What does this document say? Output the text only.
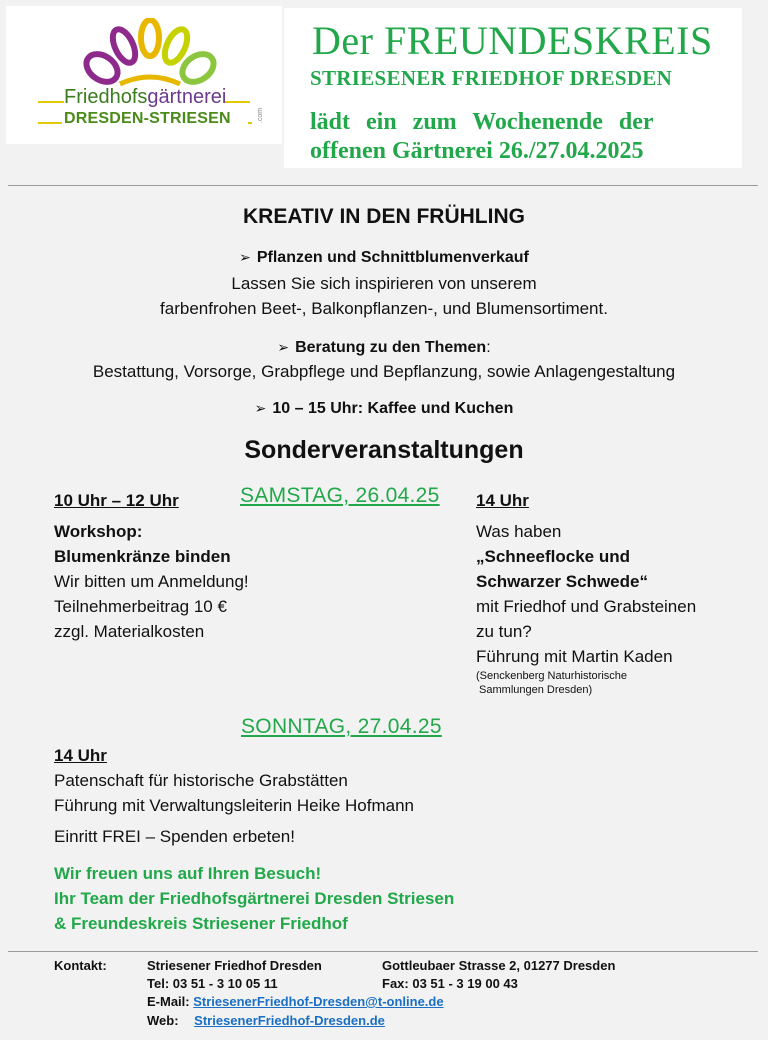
Friedhofsgärtnerei
DRESDEN-STRIESEN	.com
Der FREUNDESKREIS
STRIESENER FRIEDHOF DRESDEN
lädt ein zum Wochenende der
offenen Gärtnerei 26./27.04.2025
KREATIV IN DEN FRÜHLING
➢ Pflanzen und Schnittblumenverkauf
Lassen Sie sich inspirieren von unserem
farbenfrohen Beet-, Balkonpflanzen-, und Blumensortiment.
➢ Beratung zu den Themen:
Bestattung, Vorsorge, Grabpflege und Bepflanzung, sowie Anlagengestaltung
➢ 10 – 15 Uhr: Kaffee und Kuchen
Sonderveranstaltungen
10 Uhr – 12 Uhr	SAMSTAG, 26.04.25 14 Uhr
Workshop:
Blumenkränze binden
Wir bitten um Anmeldung!
Teilnehmerbeitrag 10 €
zzgl. Materialkosten
Was haben
„Schneeflocke und
Schwarzer Schwede“
mit Friedhof und Grabsteinen
zu tun?
Führung mit Martin Kaden
(Senckenberg Naturhistorische
Sammlungen Dresden)
SONNTAG, 27.04.25
14 Uhr
Patenschaft für historische Grabstätten
Führung mit Verwaltungsleiterin Heike Hofmann
Einritt FREI – Spenden erbeten!
Wir freuen uns auf Ihren Besuch!
Ihr Team der Friedhofsgärtnerei Dresden Striesen
& Freundeskreis Striesener Friedhof
Kontakt:	Striesener Friedhof Dresden	Gottleubaer Strasse 2, 01277 Dresden
Tel: 03 51 - 3 10 05 11	Fax: 03 51 - 3 19 00 43
E-Mail: StriesenerFriedhof-Dresden@t-online.de
Web: StriesenerFriedhof-Dresden.de
